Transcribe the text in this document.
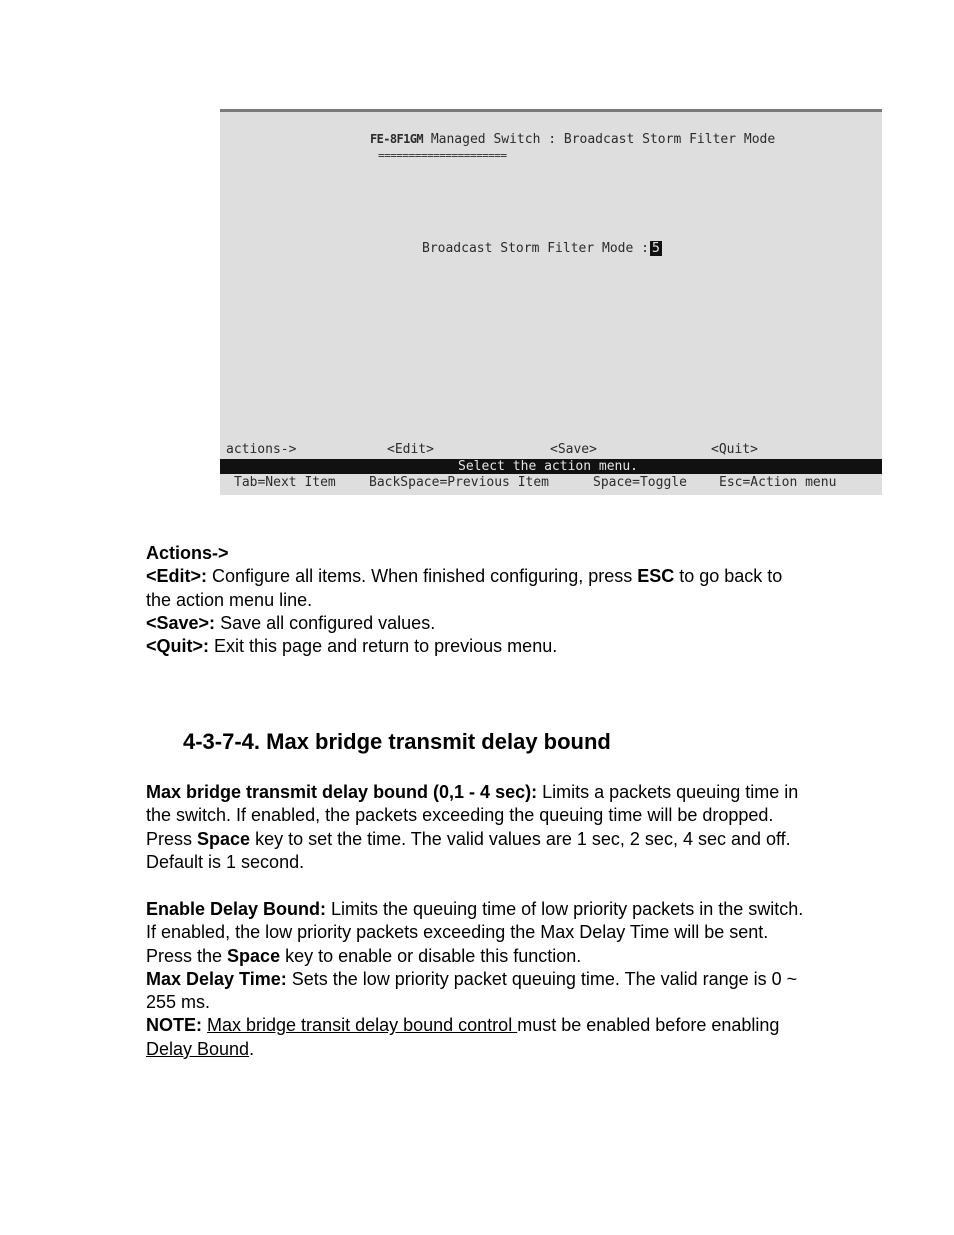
FE-8F1GM Managed Switch : Broadcast Storm Filter Mode
=====================
Broadcast Storm Filter Mode : 5
actions->	<Edit>	<Save>	<Quit>
Select the action menu.
Tab=Next Item	BackSpace=Previous Item	Space=Toggle Esc=Action menu

Actions->

<Edit>: Configure all items. When finished configuring, press ESC to go back to the action menu line.

<Save>: Save all configured values.

<Quit>: Exit this page and return to previous menu.

4-3-7-4. Max bridge transmit delay bound

Max bridge transmit delay bound (0,1 - 4 sec): Limits a packets queuing time in the switch. If enabled, the packets exceeding the queuing time will be dropped. Press Space key to set the time. The valid values are 1 sec, 2 sec, 4 sec and off. Default is 1 second.

Enable Delay Bound: Limits the queuing time of low priority packets in the switch. If enabled, the low priority packets exceeding the Max Delay Time will be sent. Press the Space key to enable or disable this function.

Max Delay Time: Sets the low priority packet queuing time. The valid range is 0 ~ 255 ms.

NOTE: Max bridge transit delay bound control must be enabled before enabling Delay Bound.
